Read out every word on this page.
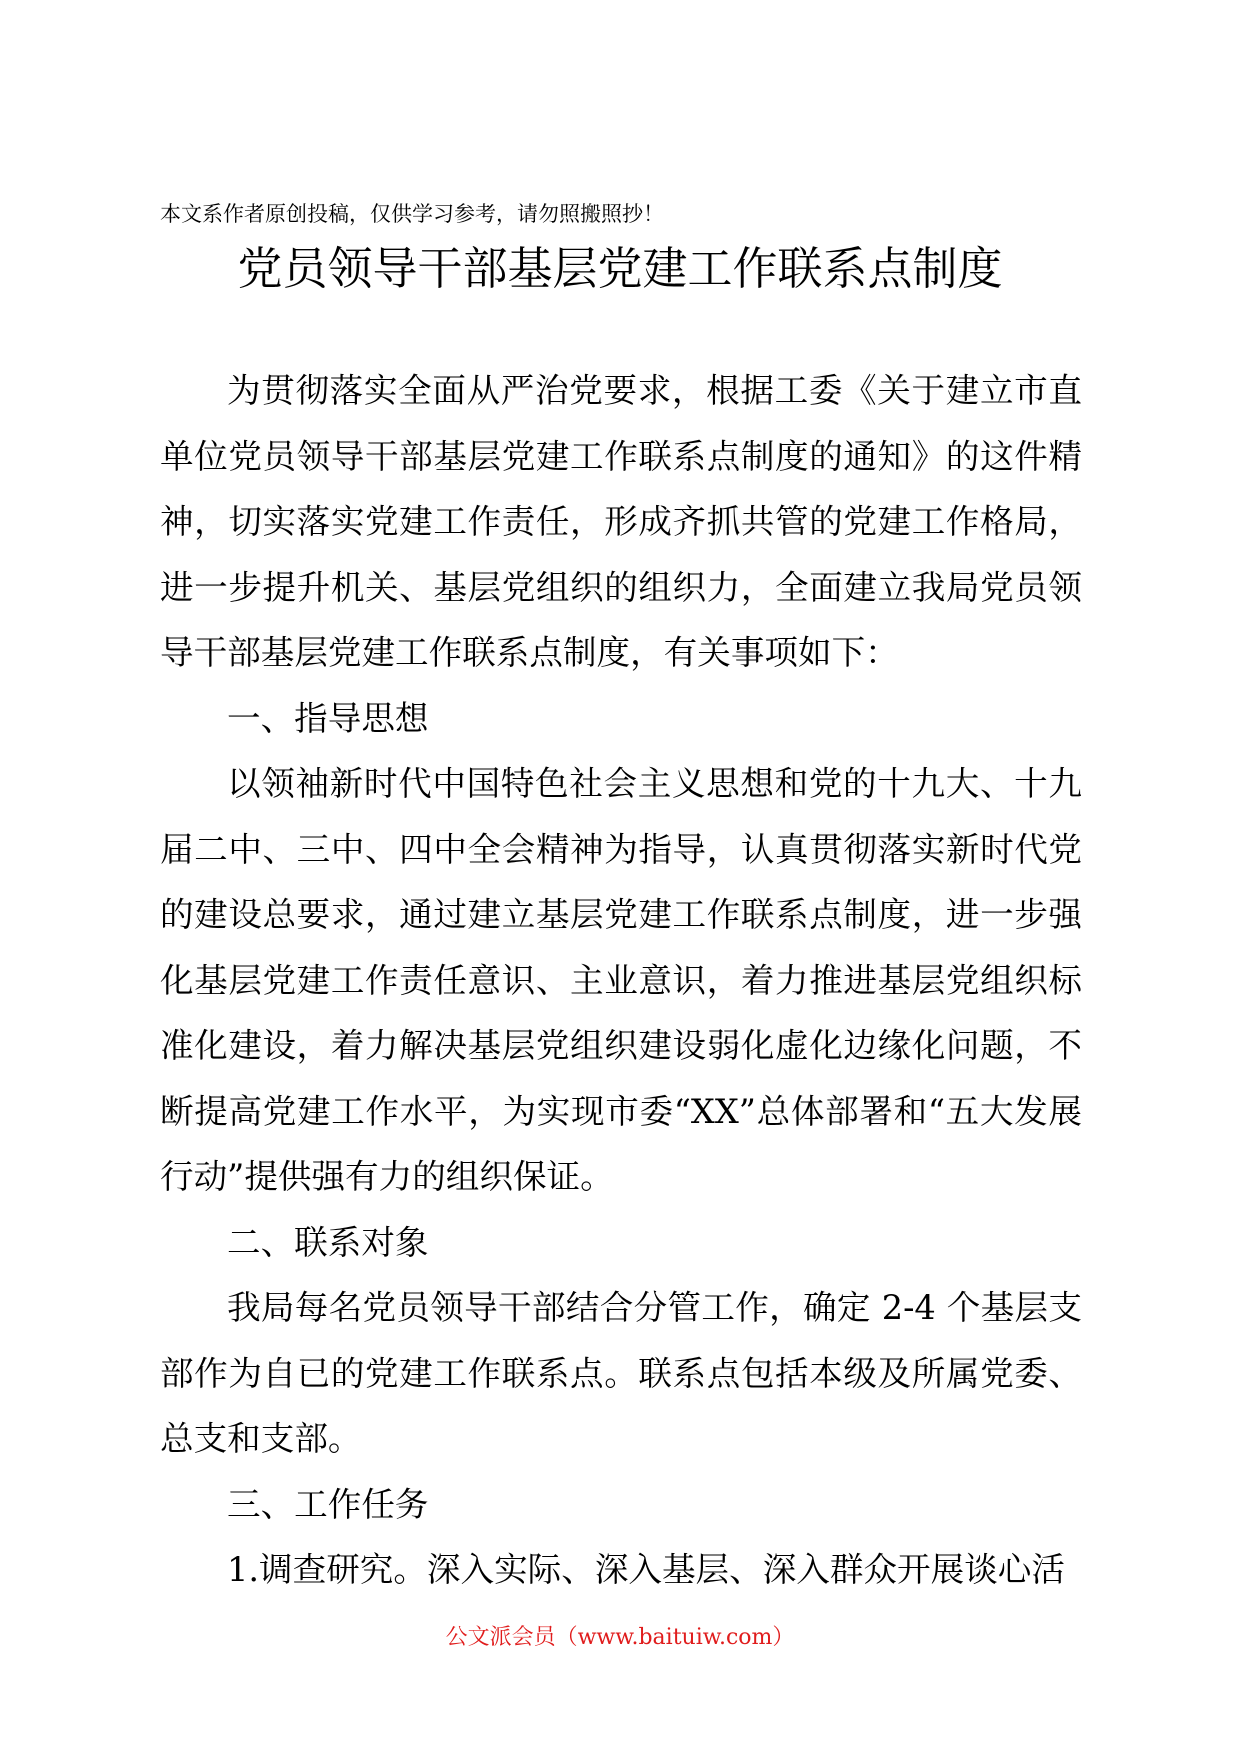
本文系作者原创投稿，仅供学习参考，请勿照搬照抄！
党员领导干部基层党建工作联系点制度

为贯彻落实全面从严治党要求，根据工委《关于建立市直单位党员领导干部基层党建工作联系点制度的通知》的这件精神，切实落实党建工作责任，形成齐抓共管的党建工作格局，进一步提升机关、基层党组织的组织力，全面建立我局党员领导干部基层党建工作联系点制度，有关事项如下：

一、指导思想

以领袖新时代中国特色社会主义思想和党的十九大、十九届二中、三中、四中全会精神为指导，认真贯彻落实新时代党的建设总要求，通过建立基层党建工作联系点制度，进一步强化基层党建工作责任意识、主业意识，着力推进基层党组织标准化建设，着力解决基层党组织建设弱化虚化边缘化问题，不断提高党建工作水平，为实现市委“XX”总体部署和“五大发展行动”提供强有力的组织保证。

二、联系对象

我局每名党员领导干部结合分管工作，确定 2-4 个基层支部作为自已的党建工作联系点。联系点包括本级及所属党委、总支和支部。

三、工作任务

1.调查研究。深入实际、深入基层、深入群众开展谈心活

公文派会员（www.baituiw.com）
